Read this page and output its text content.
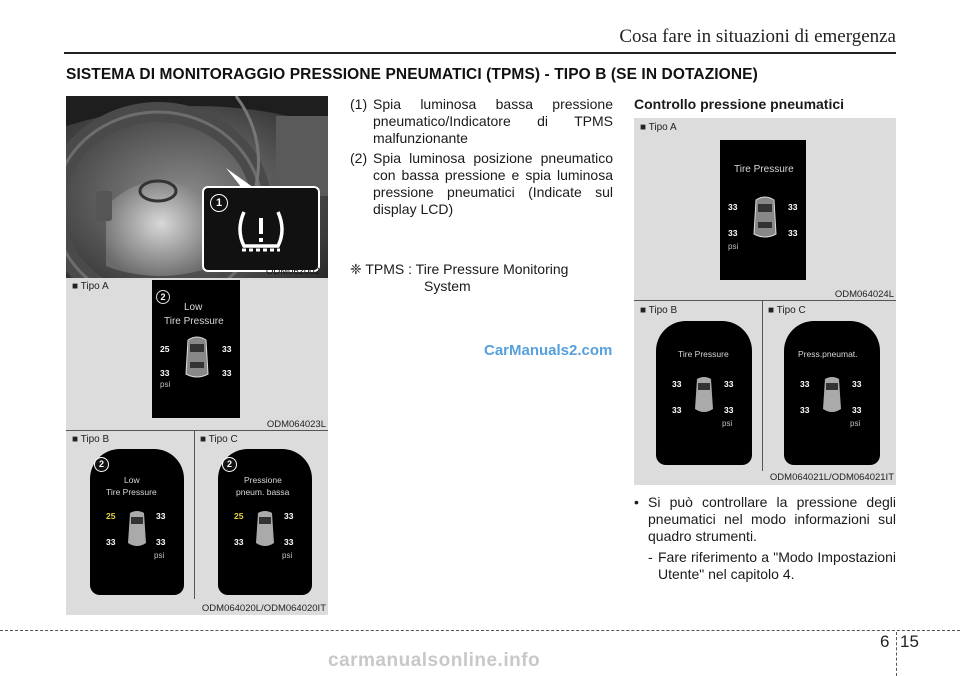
Cosa fare in situazioni di emergenza
SISTEMA DI MONITORAGGIO PRESSIONE PNEUMATICI (TPMS) - TIPO B (SE IN DOTAZIONE)
1
ODM062002
■ Tipo A
2
Low
Tire Pressure
25	33
33	33
psi
ODM064023L
■ Tipo B	■ Tipo C
2
Low
Tire Pressure
25	33
33	33
psi
2
Pressione
pneum. bassa
25	33
33	33
psi
ODM064020L/ODM064020IT
(1) Spia luminosa bassa pressione pneumatico/Indicatore di TPMS malfunzionante
(2) Spia luminosa posizione pneumatico con bassa pressione e spia luminosa pressione pneumatici (Indicate sul display LCD)
❈ TPMS : Tire Pressure Monitoring
System
CarManuals2.com
Controllo pressione pneumatici
■ Tipo A
Tire Pressure
33	33
33	33
psi
ODM064024L
■ Tipo B	■ Tipo C
Tire Pressure
33	33
33	33
psi
Press.pneumat.
33	33
33	33
psi
ODM064021L/ODM064021IT
• Si può controllare la pressione degli pneumatici nel modo informazioni sul quadro strumenti.
- Fare riferimento a "Modo Impostazioni Utente" nel capitolo 4.
6 15
carmanualsonline.info
